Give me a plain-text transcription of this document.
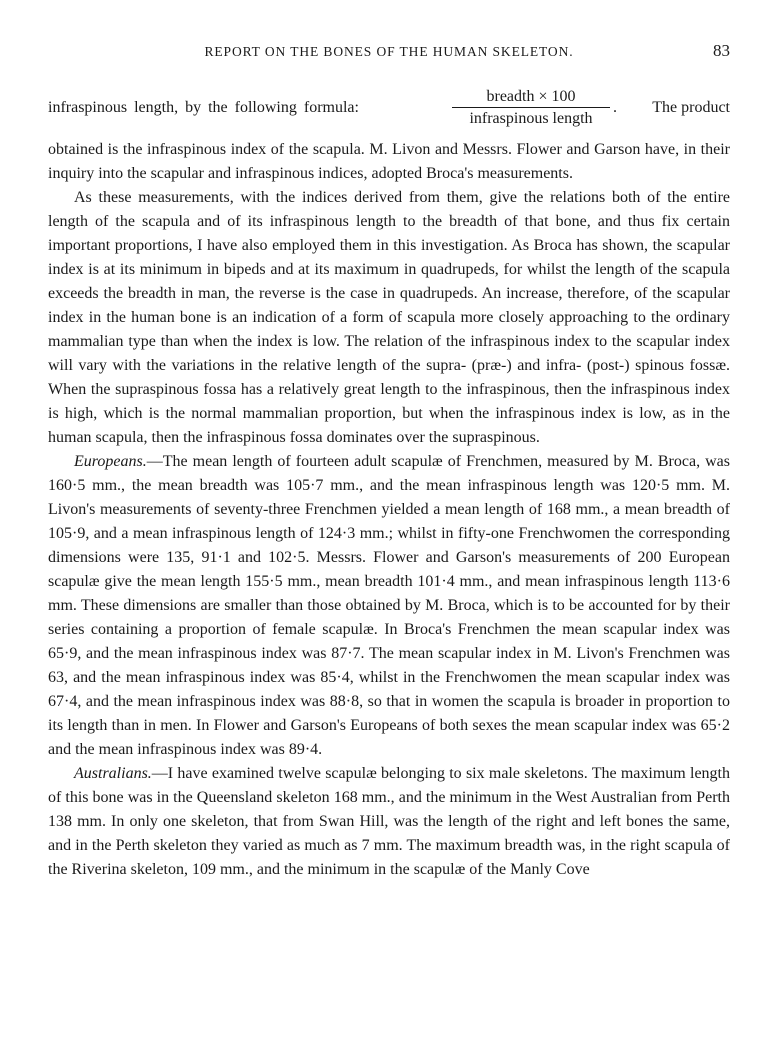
REPORT ON THE BONES OF THE HUMAN SKELETON.	83
infraspinous length, by the following formula:
breadth × 100
infraspinous length
. The product

obtained is the infraspinous index of the scapula. M. Livon and Messrs. Flower and Garson have, in their inquiry into the scapular and infraspinous indices, adopted Broca's measurements.

As these measurements, with the indices derived from them, give the relations both of the entire length of the scapula and of its infraspinous length to the breadth of that bone, and thus fix certain important proportions, I have also employed them in this investigation. As Broca has shown, the scapular index is at its minimum in bipeds and at its maximum in quadrupeds, for whilst the length of the scapula exceeds the breadth in man, the reverse is the case in quadrupeds. An increase, therefore, of the scapular index in the human bone is an indication of a form of scapula more closely approaching to the ordinary mammalian type than when the index is low. The relation of the infraspinous index to the scapular index will vary with the variations in the relative length of the supra- (præ-) and infra- (post-) spinous fossæ. When the supraspinous fossa has a relatively great length to the infraspinous, then the infraspinous index is high, which is the normal mammalian proportion, but when the infraspinous index is low, as in the human scapula, then the infraspinous fossa dominates over the supraspinous.

Europeans.—The mean length of fourteen adult scapulæ of Frenchmen, measured by M. Broca, was 160·5 mm., the mean breadth was 105·7 mm., and the mean infraspinous length was 120·5 mm. M. Livon's measurements of seventy-three Frenchmen yielded a mean length of 168 mm., a mean breadth of 105·9, and a mean infraspinous length of 124·3 mm.; whilst in fifty-one Frenchwomen the corresponding dimensions were 135, 91·1 and 102·5. Messrs. Flower and Garson's measurements of 200 European scapulæ give the mean length 155·5 mm., mean breadth 101·4 mm., and mean infraspinous length 113·6 mm. These dimensions are smaller than those obtained by M. Broca, which is to be accounted for by their series containing a proportion of female scapulæ. In Broca's Frenchmen the mean scapular index was 65·9, and the mean infraspinous index was 87·7. The mean scapular index in M. Livon's Frenchmen was 63, and the mean infraspinous index was 85·4, whilst in the Frenchwomen the mean scapular index was 67·4, and the mean infraspinous index was 88·8, so that in women the scapula is broader in proportion to its length than in men. In Flower and Garson's Europeans of both sexes the mean scapular index was 65·2 and the mean infraspinous index was 89·4.

Australians.—I have examined twelve scapulæ belonging to six male skeletons. The maximum length of this bone was in the Queensland skeleton 168 mm., and the minimum in the West Australian from Perth 138 mm. In only one skeleton, that from Swan Hill, was the length of the right and left bones the same, and in the Perth skeleton they varied as much as 7 mm. The maximum breadth was, in the right scapula of the Riverina skeleton, 109 mm., and the minimum in the scapulæ of the Manly Cove
